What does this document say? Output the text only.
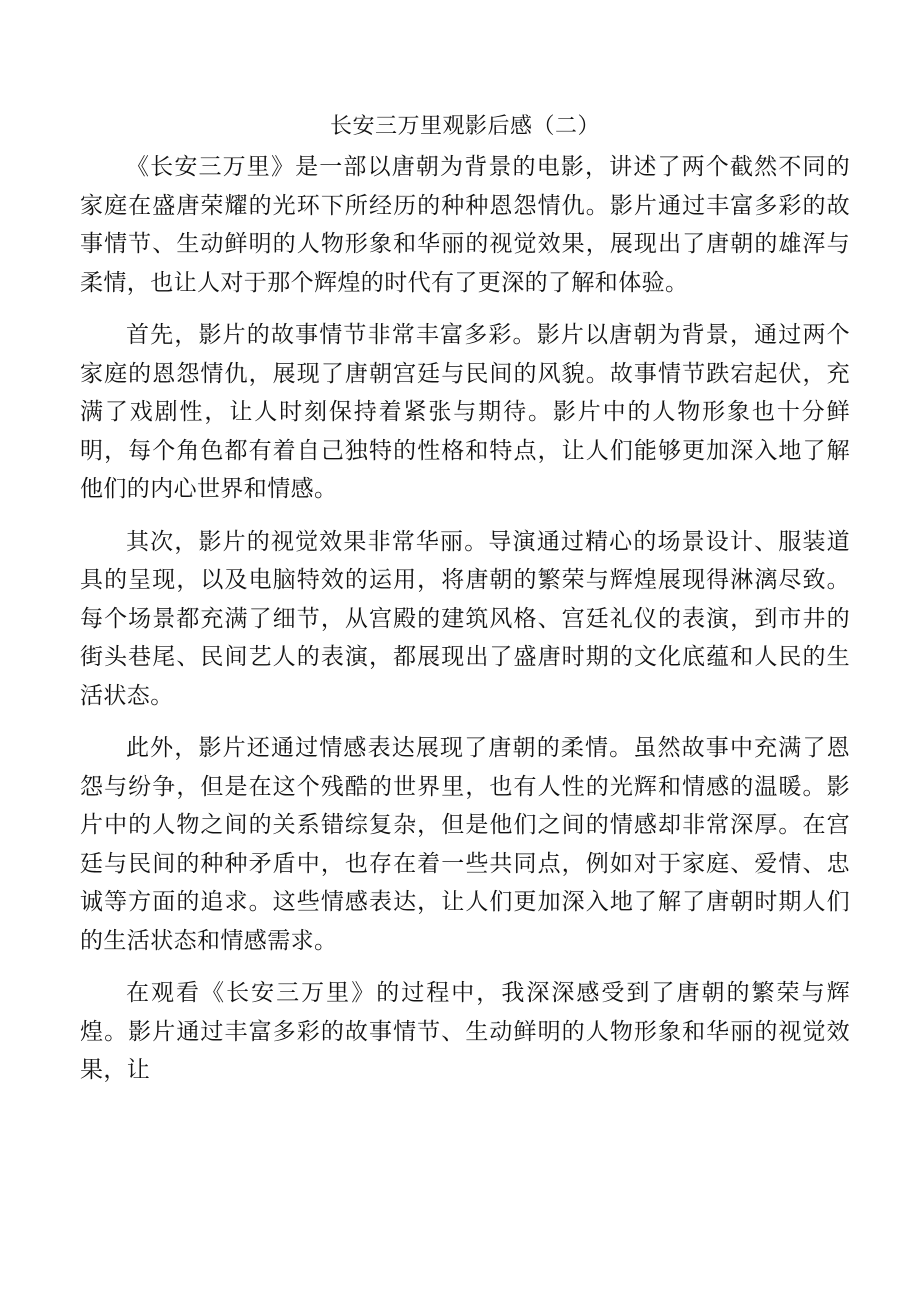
长安三万里观影后感（二）

《长安三万里》是一部以唐朝为背景的电影，讲述了两个截然不同的家庭在盛唐荣耀的光环下所经历的种种恩怨情仇。影片通过丰富多彩的故事情节、生动鲜明的人物形象和华丽的视觉效果，展现出了唐朝的雄浑与柔情，也让人对于那个辉煌的时代有了更深的了解和体验。

首先，影片的故事情节非常丰富多彩。影片以唐朝为背景，通过两个家庭的恩怨情仇，展现了唐朝宫廷与民间的风貌。故事情节跌宕起伏，充满了戏剧性，让人时刻保持着紧张与期待。影片中的人物形象也十分鲜明，每个角色都有着自己独特的性格和特点，让人们能够更加深入地了解他们的内心世界和情感。

其次，影片的视觉效果非常华丽。导演通过精心的场景设计、服装道具的呈现，以及电脑特效的运用，将唐朝的繁荣与辉煌展现得淋漓尽致。每个场景都充满了细节，从宫殿的建筑风格、宫廷礼仪的表演，到市井的街头巷尾、民间艺人的表演，都展现出了盛唐时期的文化底蕴和人民的生活状态。

此外，影片还通过情感表达展现了唐朝的柔情。虽然故事中充满了恩怨与纷争，但是在这个残酷的世界里，也有人性的光辉和情感的温暖。影片中的人物之间的关系错综复杂，但是他们之间的情感却非常深厚。在宫廷与民间的种种矛盾中，也存在着一些共同点，例如对于家庭、爱情、忠诚等方面的追求。这些情感表达，让人们更加深入地了解了唐朝时期人们的生活状态和情感需求。

在观看《长安三万里》的过程中，我深深感受到了唐朝的繁荣与辉煌。影片通过丰富多彩的故事情节、生动鲜明的人物形象和华丽的视觉效果，让
